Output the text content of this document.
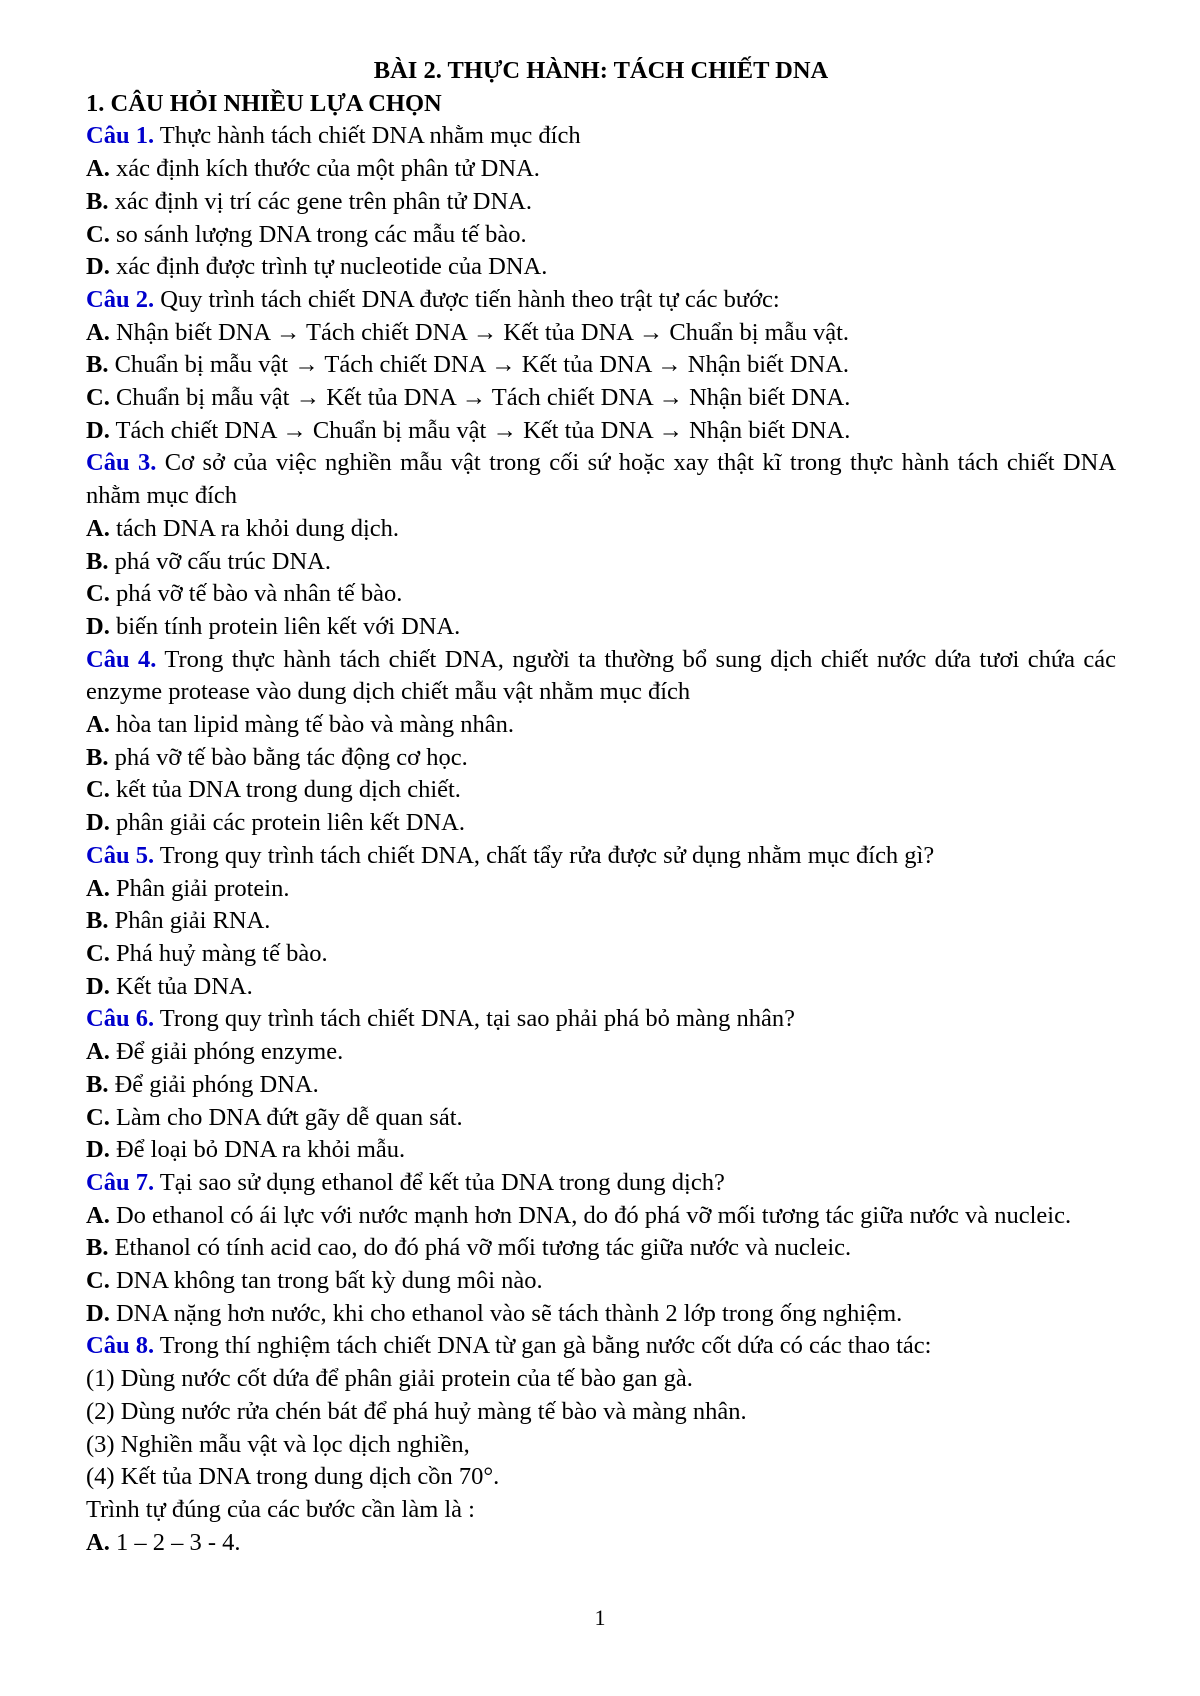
BÀI 2. THỰC HÀNH: TÁCH CHIẾT DNA
1. CÂU HỎI NHIỀU LỰA CHỌN
Câu 1. Thực hành tách chiết DNA nhằm mục đích
A. xác định kích thước của một phân tử DNA.
B. xác định vị trí các gene trên phân tử DNA.
C. so sánh lượng DNA trong các mẫu tế bào.
D. xác định được trình tự nucleotide của DNA.
Câu 2. Quy trình tách chiết DNA được tiến hành theo trật tự các bước:
A. Nhận biết DNA → Tách chiết DNA → Kết tủa DNA → Chuẩn bị mẫu vật.
B. Chuẩn bị mẫu vật → Tách chiết DNA → Kết tủa DNA → Nhận biết DNA.
C. Chuẩn bị mẫu vật → Kết tủa DNA → Tách chiết DNA → Nhận biết DNA.
D. Tách chiết DNA → Chuẩn bị mẫu vật → Kết tủa DNA → Nhận biết DNA.
Câu 3. Cơ sở của việc nghiền mẫu vật trong cối sứ hoặc xay thật kĩ trong thực hành tách chiết DNA nhằm mục đích
A. tách DNA ra khỏi dung dịch.
B. phá vỡ cấu trúc DNA.
C. phá vỡ tế bào và nhân tế bào.
D. biến tính protein liên kết với DNA.
Câu 4. Trong thực hành tách chiết DNA, người ta thường bổ sung dịch chiết nước dứa tươi chứa các enzyme protease vào dung dịch chiết mẫu vật nhằm mục đích
A. hòa tan lipid màng tế bào và màng nhân.
B. phá vỡ tế bào bằng tác động cơ học.
C. kết tủa DNA trong dung dịch chiết.
D. phân giải các protein liên kết DNA.
Câu 5. Trong quy trình tách chiết DNA, chất tẩy rửa được sử dụng nhằm mục đích gì?
A. Phân giải protein.
B. Phân giải RNA.
C. Phá huỷ màng tế bào.
D. Kết tủa DNA.
Câu 6. Trong quy trình tách chiết DNA, tại sao phải phá bỏ màng nhân?
A. Để giải phóng enzyme.
B. Để giải phóng DNA.
C. Làm cho DNA đứt gãy dễ quan sát.
D. Để loại bỏ DNA ra khỏi mẫu.
Câu 7. Tại sao sử dụng ethanol để kết tủa DNA trong dung dịch?
A. Do ethanol có ái lực với nước mạnh hơn DNA, do đó phá vỡ mối tương tác giữa nước và nucleic.
B. Ethanol có tính acid cao, do đó phá vỡ mối tương tác giữa nước và nucleic.
C. DNA không tan trong bất kỳ dung môi nào.
D. DNA nặng hơn nước, khi cho ethanol vào sẽ tách thành 2 lớp trong ống nghiệm.
Câu 8. Trong thí nghiệm tách chiết DNA từ gan gà bằng nước cốt dứa có các thao tác:
(1) Dùng nước cốt dứa để phân giải protein của tế bào gan gà.
(2) Dùng nước rửa chén bát để phá huỷ màng tế bào và màng nhân.
(3) Nghiền mẫu vật và lọc dịch nghiền,
(4) Kết tủa DNA trong dung dịch cồn 70°.
Trình tự đúng của các bước cần làm là :
A. 1 – 2 – 3 - 4.
1
